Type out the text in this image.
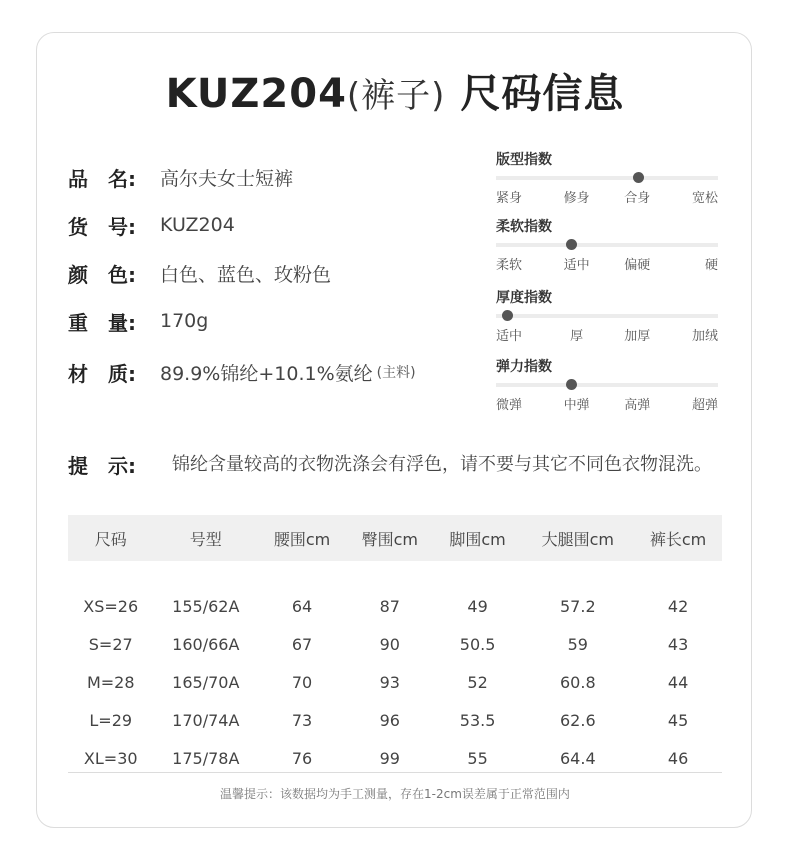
KUZ204(裤子) 尺码信息
品　名:	高尔夫女士短裤
货　号:	KUZ204
颜　色:	白色、蓝色、玫粉色
重　量:	170g
材　质:	89.9%锦纶+10.1%氨纶 (主料)
版型指数
紧身	修身	合身	宽松
柔软指数
柔软	适中	偏硬	硬
厚度指数
适中	厚	加厚	加绒
弹力指数
微弹	中弹	高弹	超弹
提　示:	锦纶含量较高的衣物洗涤会有浮色，请不要与其它不同色衣物混洗。
尺码	号型	腰围cm	臀围cm	脚围cm	大腿围cm	裤长cm
XS=26	155/62A	64	87	49	57.2	42
S=27	160/66A	67	90	50.5	59	43
M=28	165/70A	70	93	52	60.8	44
L=29	170/74A	73	96	53.5	62.6	45
XL=30	175/78A	76	99	55	64.4	46
温馨提示：该数据均为手工测量，存在1-2cm误差属于正常范围内
